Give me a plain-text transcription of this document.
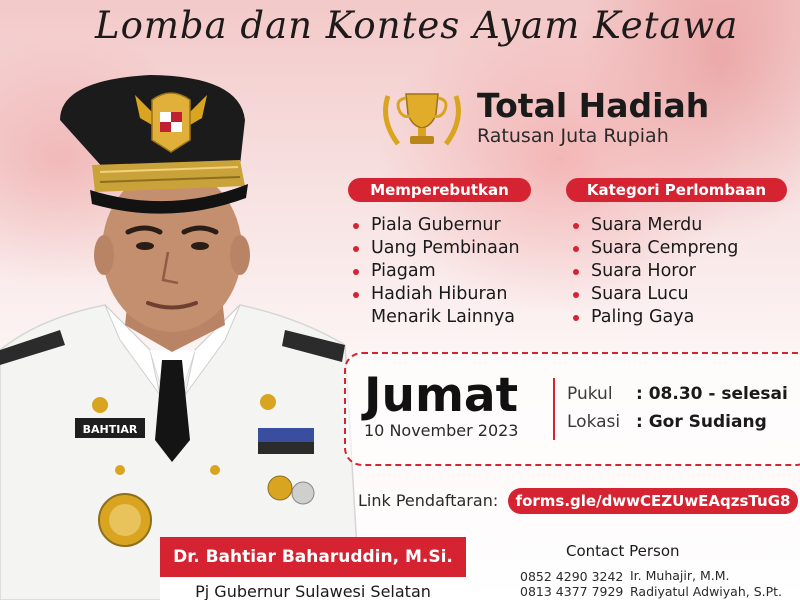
Lomba dan Kontes Ayam Ketawa
BAHTIAR
Total Hadiah
Ratusan Juta Rupiah
Memperebutkan	Kategori Perlombaan
Piala Gubernur
Uang Pembinaan
Piagam
Hadiah Hiburan
Menarik Lainnya
Suara Merdu
Suara Cempreng
Suara Horor
Suara Lucu
Paling Gaya
Jumat
10 November 2023
Pukul : 08.30 - selesai
Lokasi : Gor Sudiang
Link Pendaftaran:	forms.gle/dwwCEZUwEAqzsTuG8
Contact Person
0852 4290 3242
0813 4377 7929
Ir. Muhajir, M.M.
Radiyatul Adwiyah, S.Pt.
Dr. Bahtiar Baharuddin, M.Si.
Pj Gubernur Sulawesi Selatan
